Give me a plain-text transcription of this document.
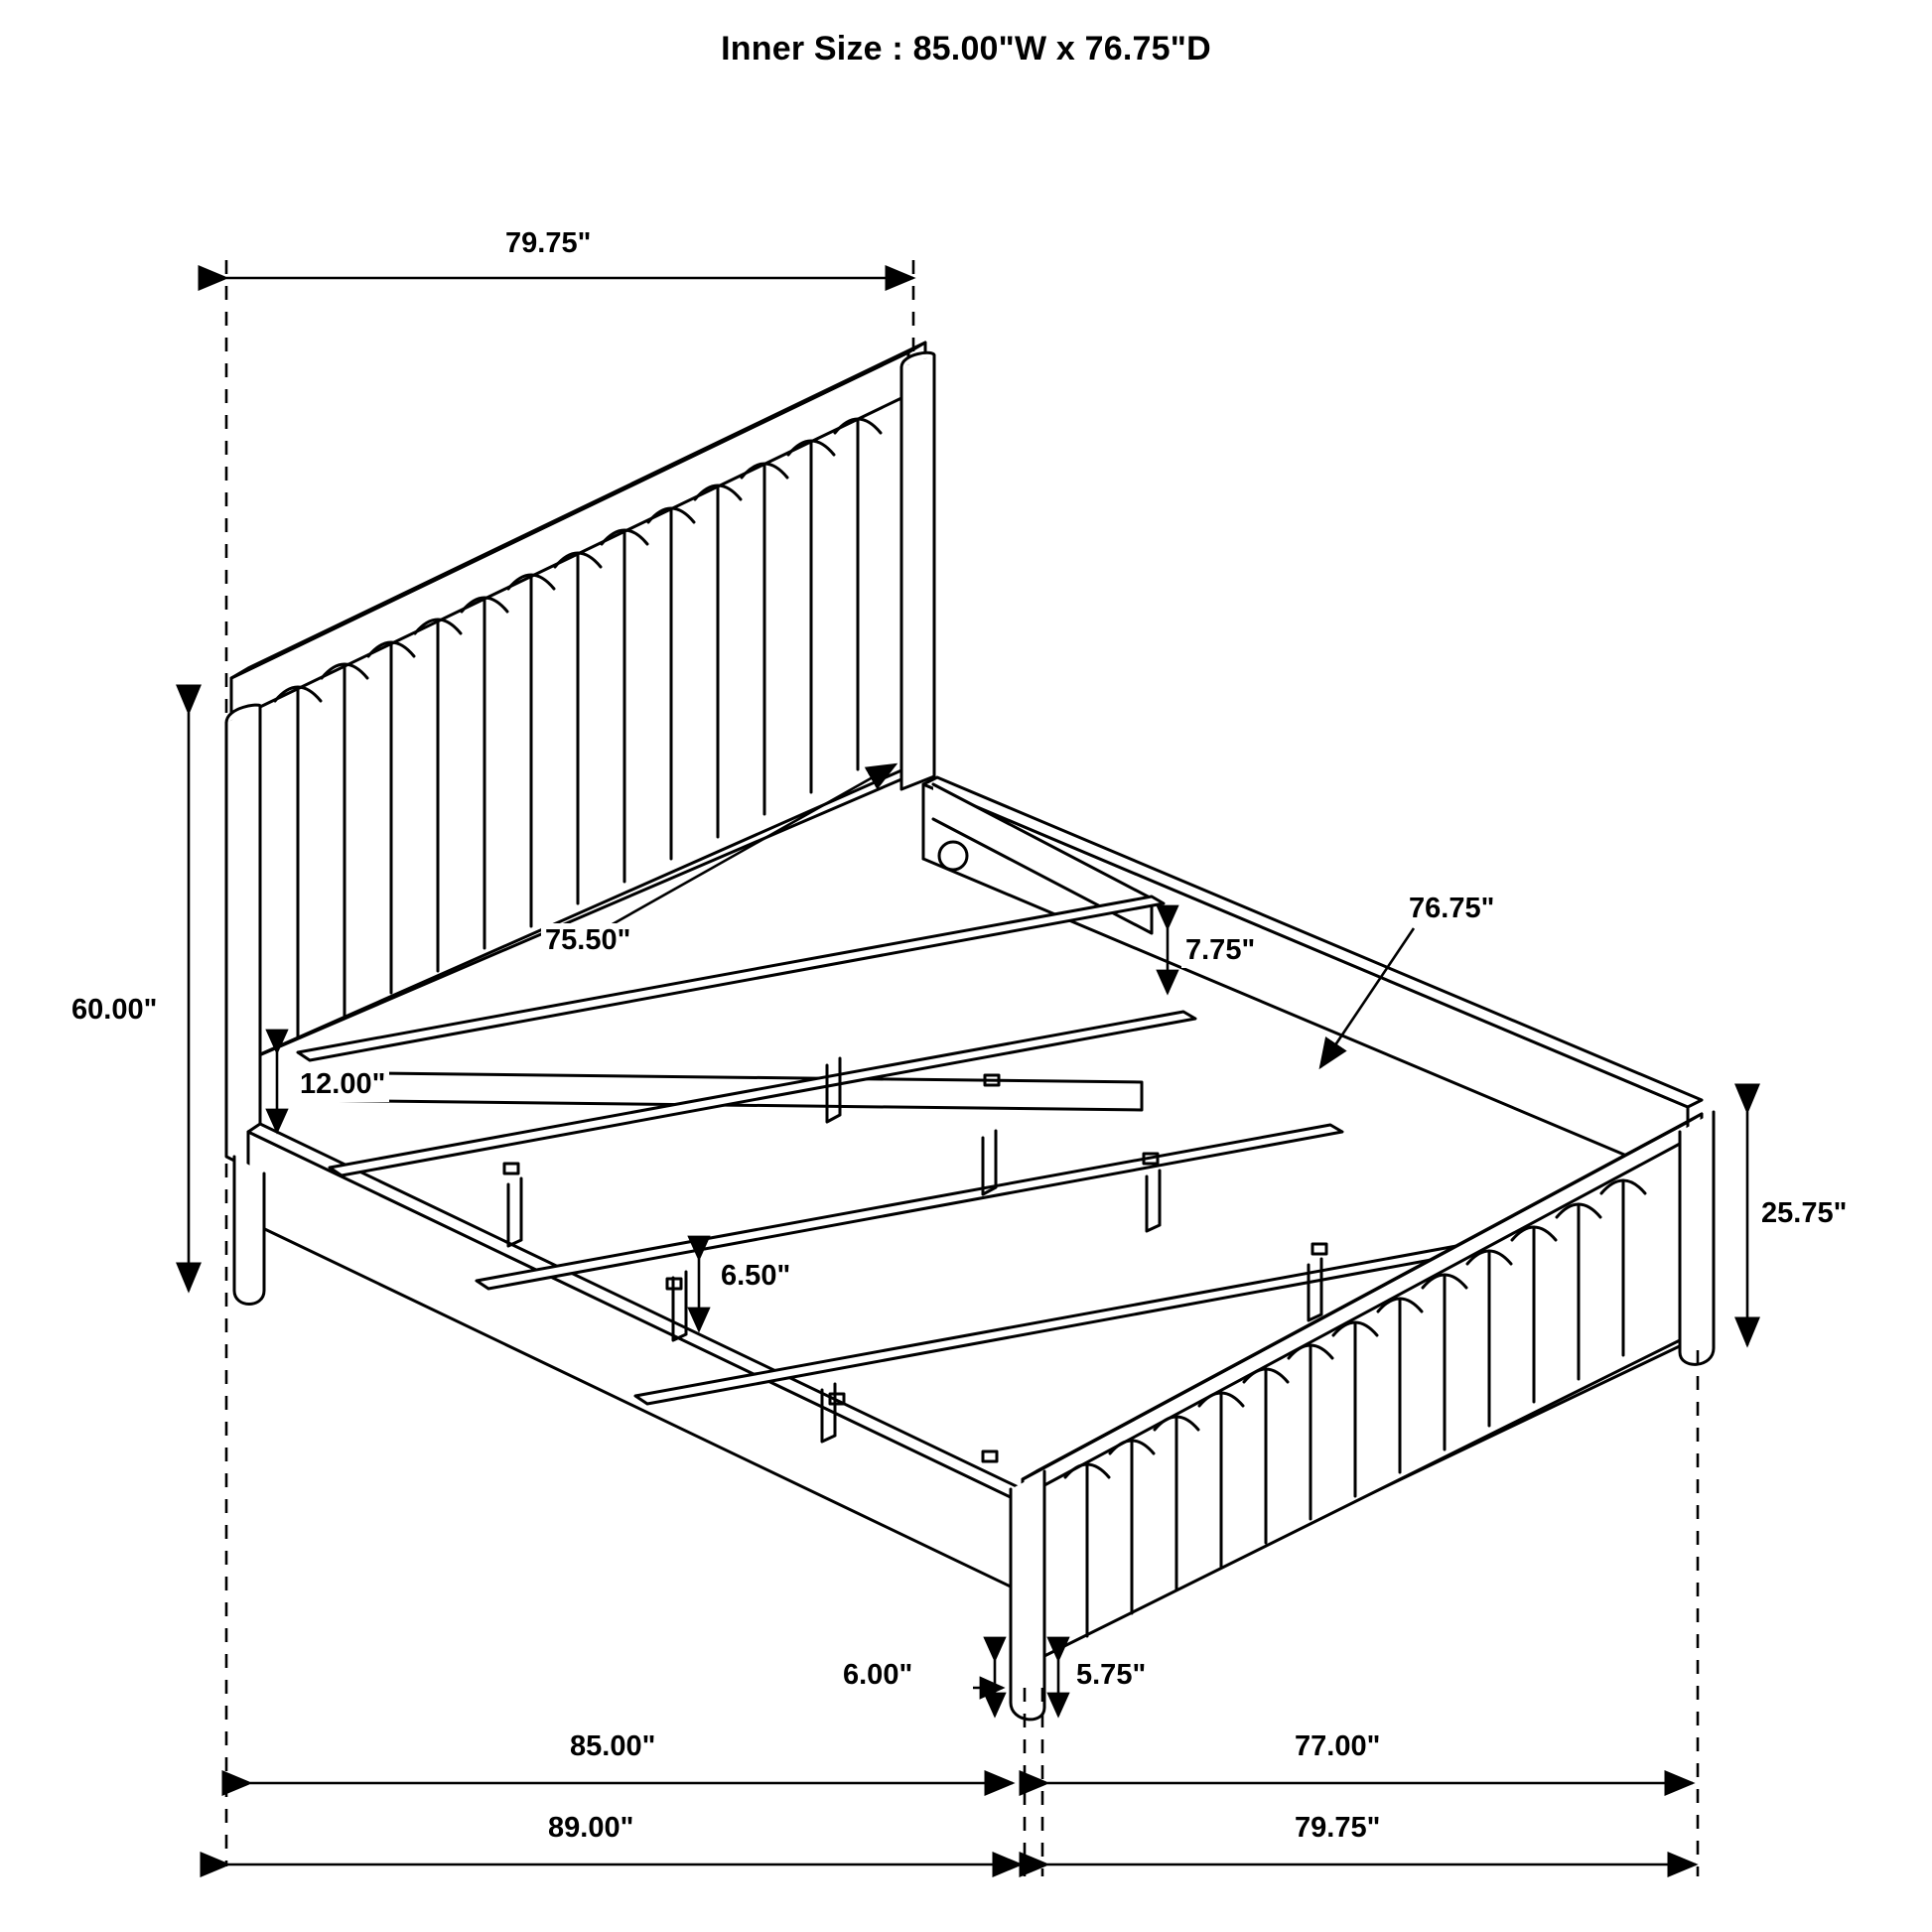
Inner Size : 85.00"W x 76.75"D
79.75"
60.00"
75.50"
12.00"
7.75"
76.75"
6.50"
25.75"
6.00"	5.75"
85.00"	77.00"
89.00"	79.75"
